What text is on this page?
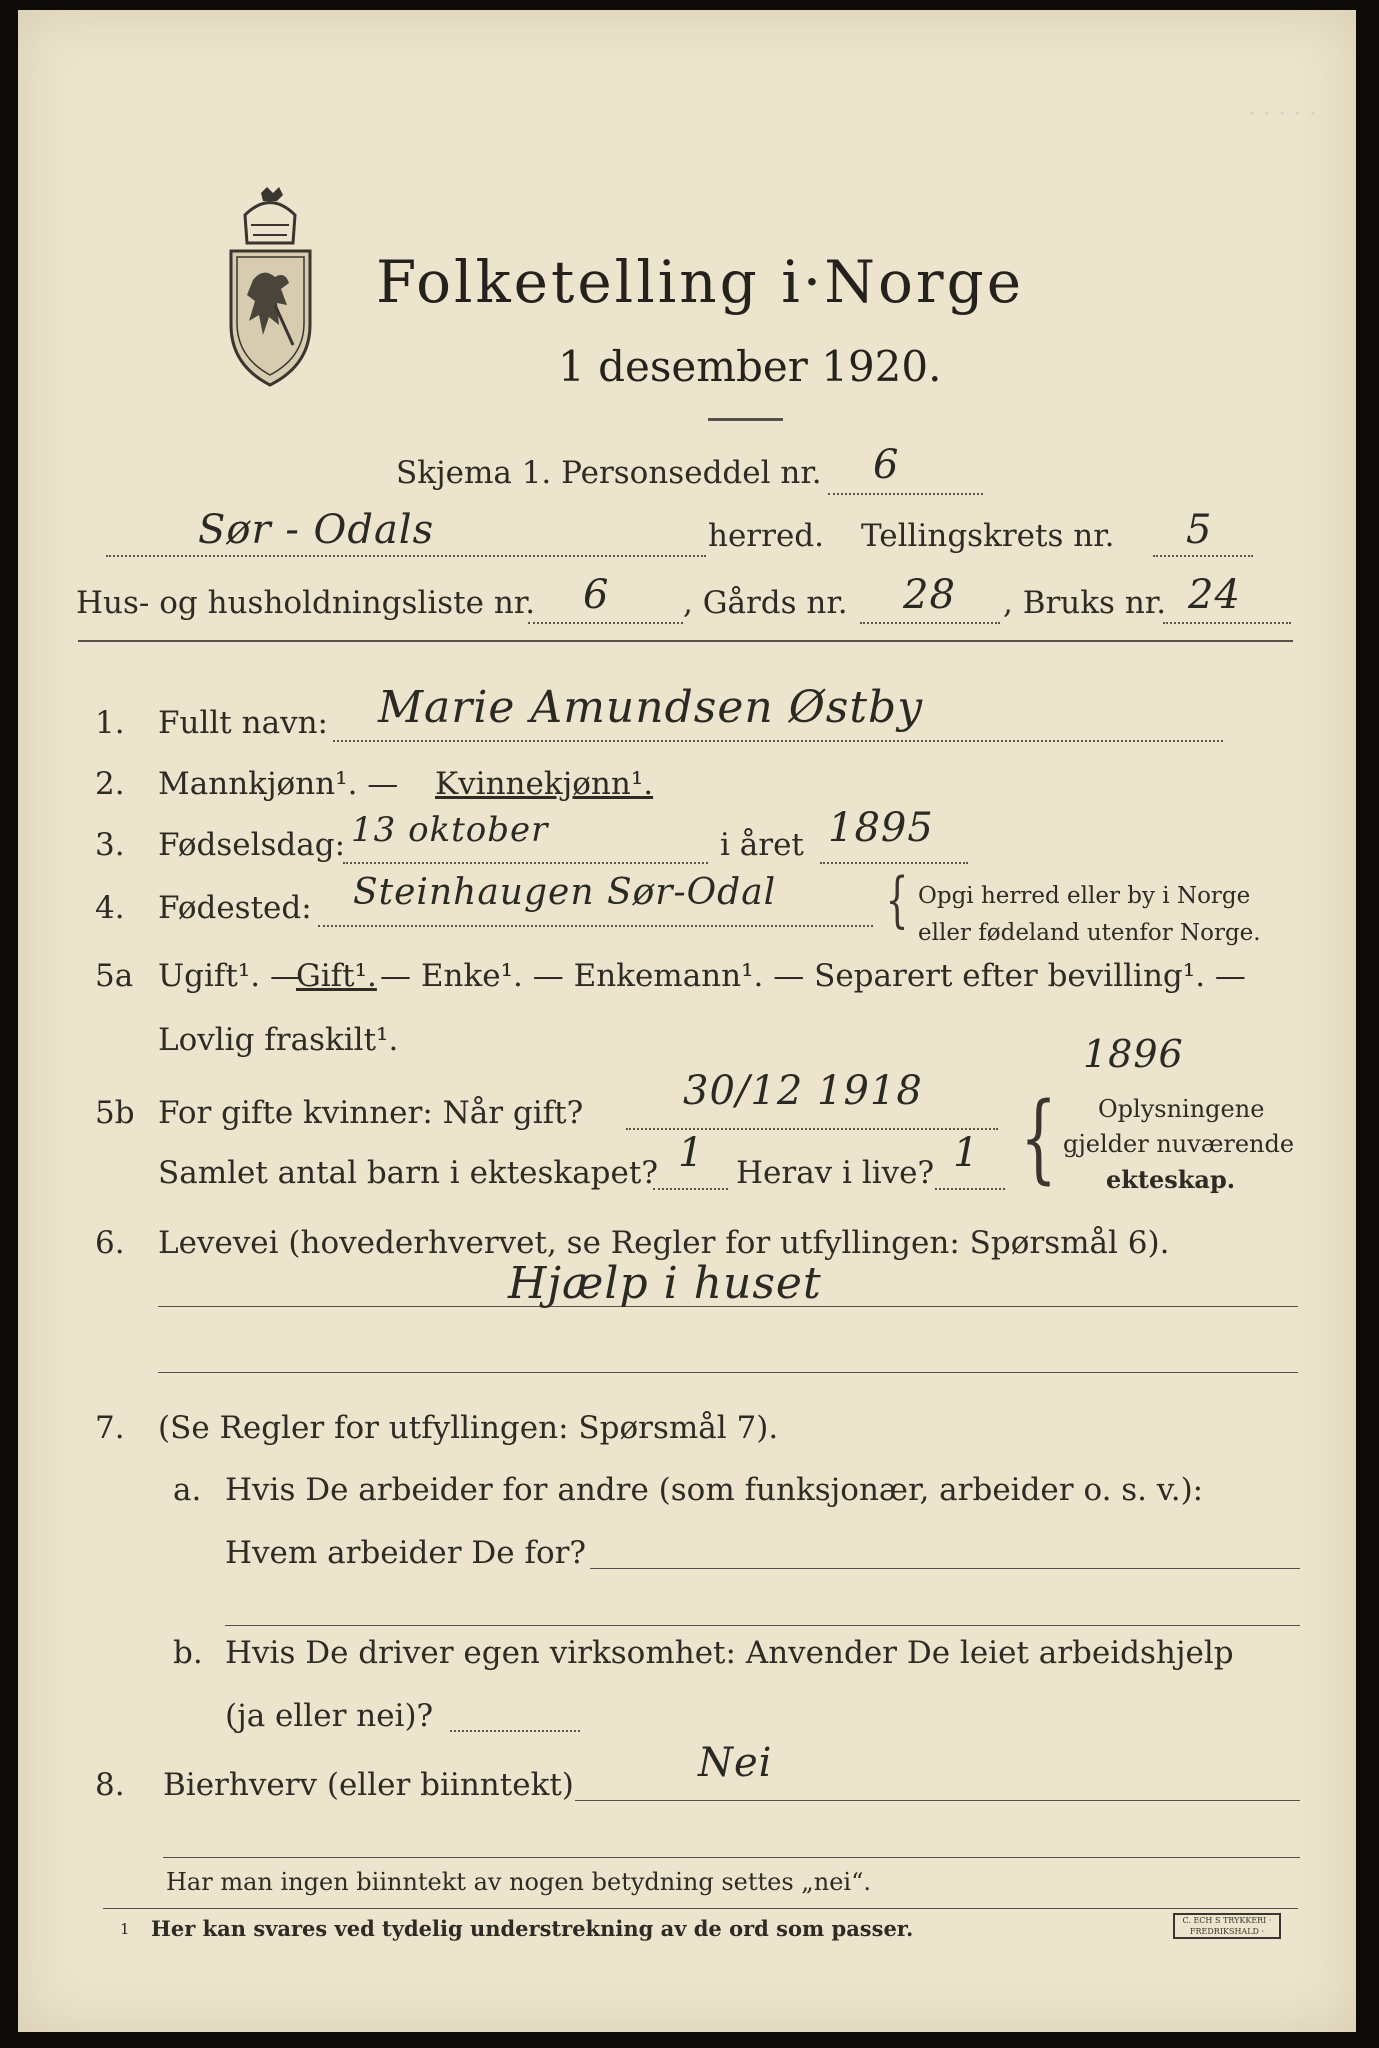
· · · · ·
Folketelling i·Norge
1 desember 1920.
Skjema 1. Personseddel nr. 6
Sør - Odals	herred. Tellingskrets nr. 5
Hus- og husholdningsliste nr. 6 , Gårds nr. 28 , Bruks nr. 24
1. Fullt navn: Marie Amundsen Østby
2. Mannkjønn¹. — Kvinnekjønn¹.
3. Fødselsdag: 13 oktober	i året 1895
4. Fødested: Steinhaugen Sør-Odal { Opgi herred eller by i Norge
eller fødeland utenfor Norge.
5a Ugift¹. —
Gift¹. — Enke¹. — Enkemann¹. — Separert efter bevilling¹. —
Lovlig fraskilt¹.
5b For gifte kvinner: Når gift? 30/12 1918
1896
{ Oplysningene
gjelder nuværende
ekteskap.
Samlet antal barn i ekteskapet? 1 Herav i live? 1
6. Levevei (hovederhvervet, se Regler for utfyllingen: Spørsmål 6).
Hjælp i huset
7. (Se Regler for utfyllingen: Spørsmål 7).
a. Hvis De arbeider for andre (som funksjonær, arbeider o. s. v.):
Hvem arbeider De for?
b. Hvis De driver egen virksomhet: Anvender De leiet arbeidshjelp
(ja eller nei)?
8. Bierhverv (eller biinntekt)	Nei
Har man ingen biinntekt av nogen betydning settes „nei“.
1 Her kan svares ved tydelig understrekning av de ord som passer.	C. ECH S TRYKKERI · FREDRIKSHALD ·
